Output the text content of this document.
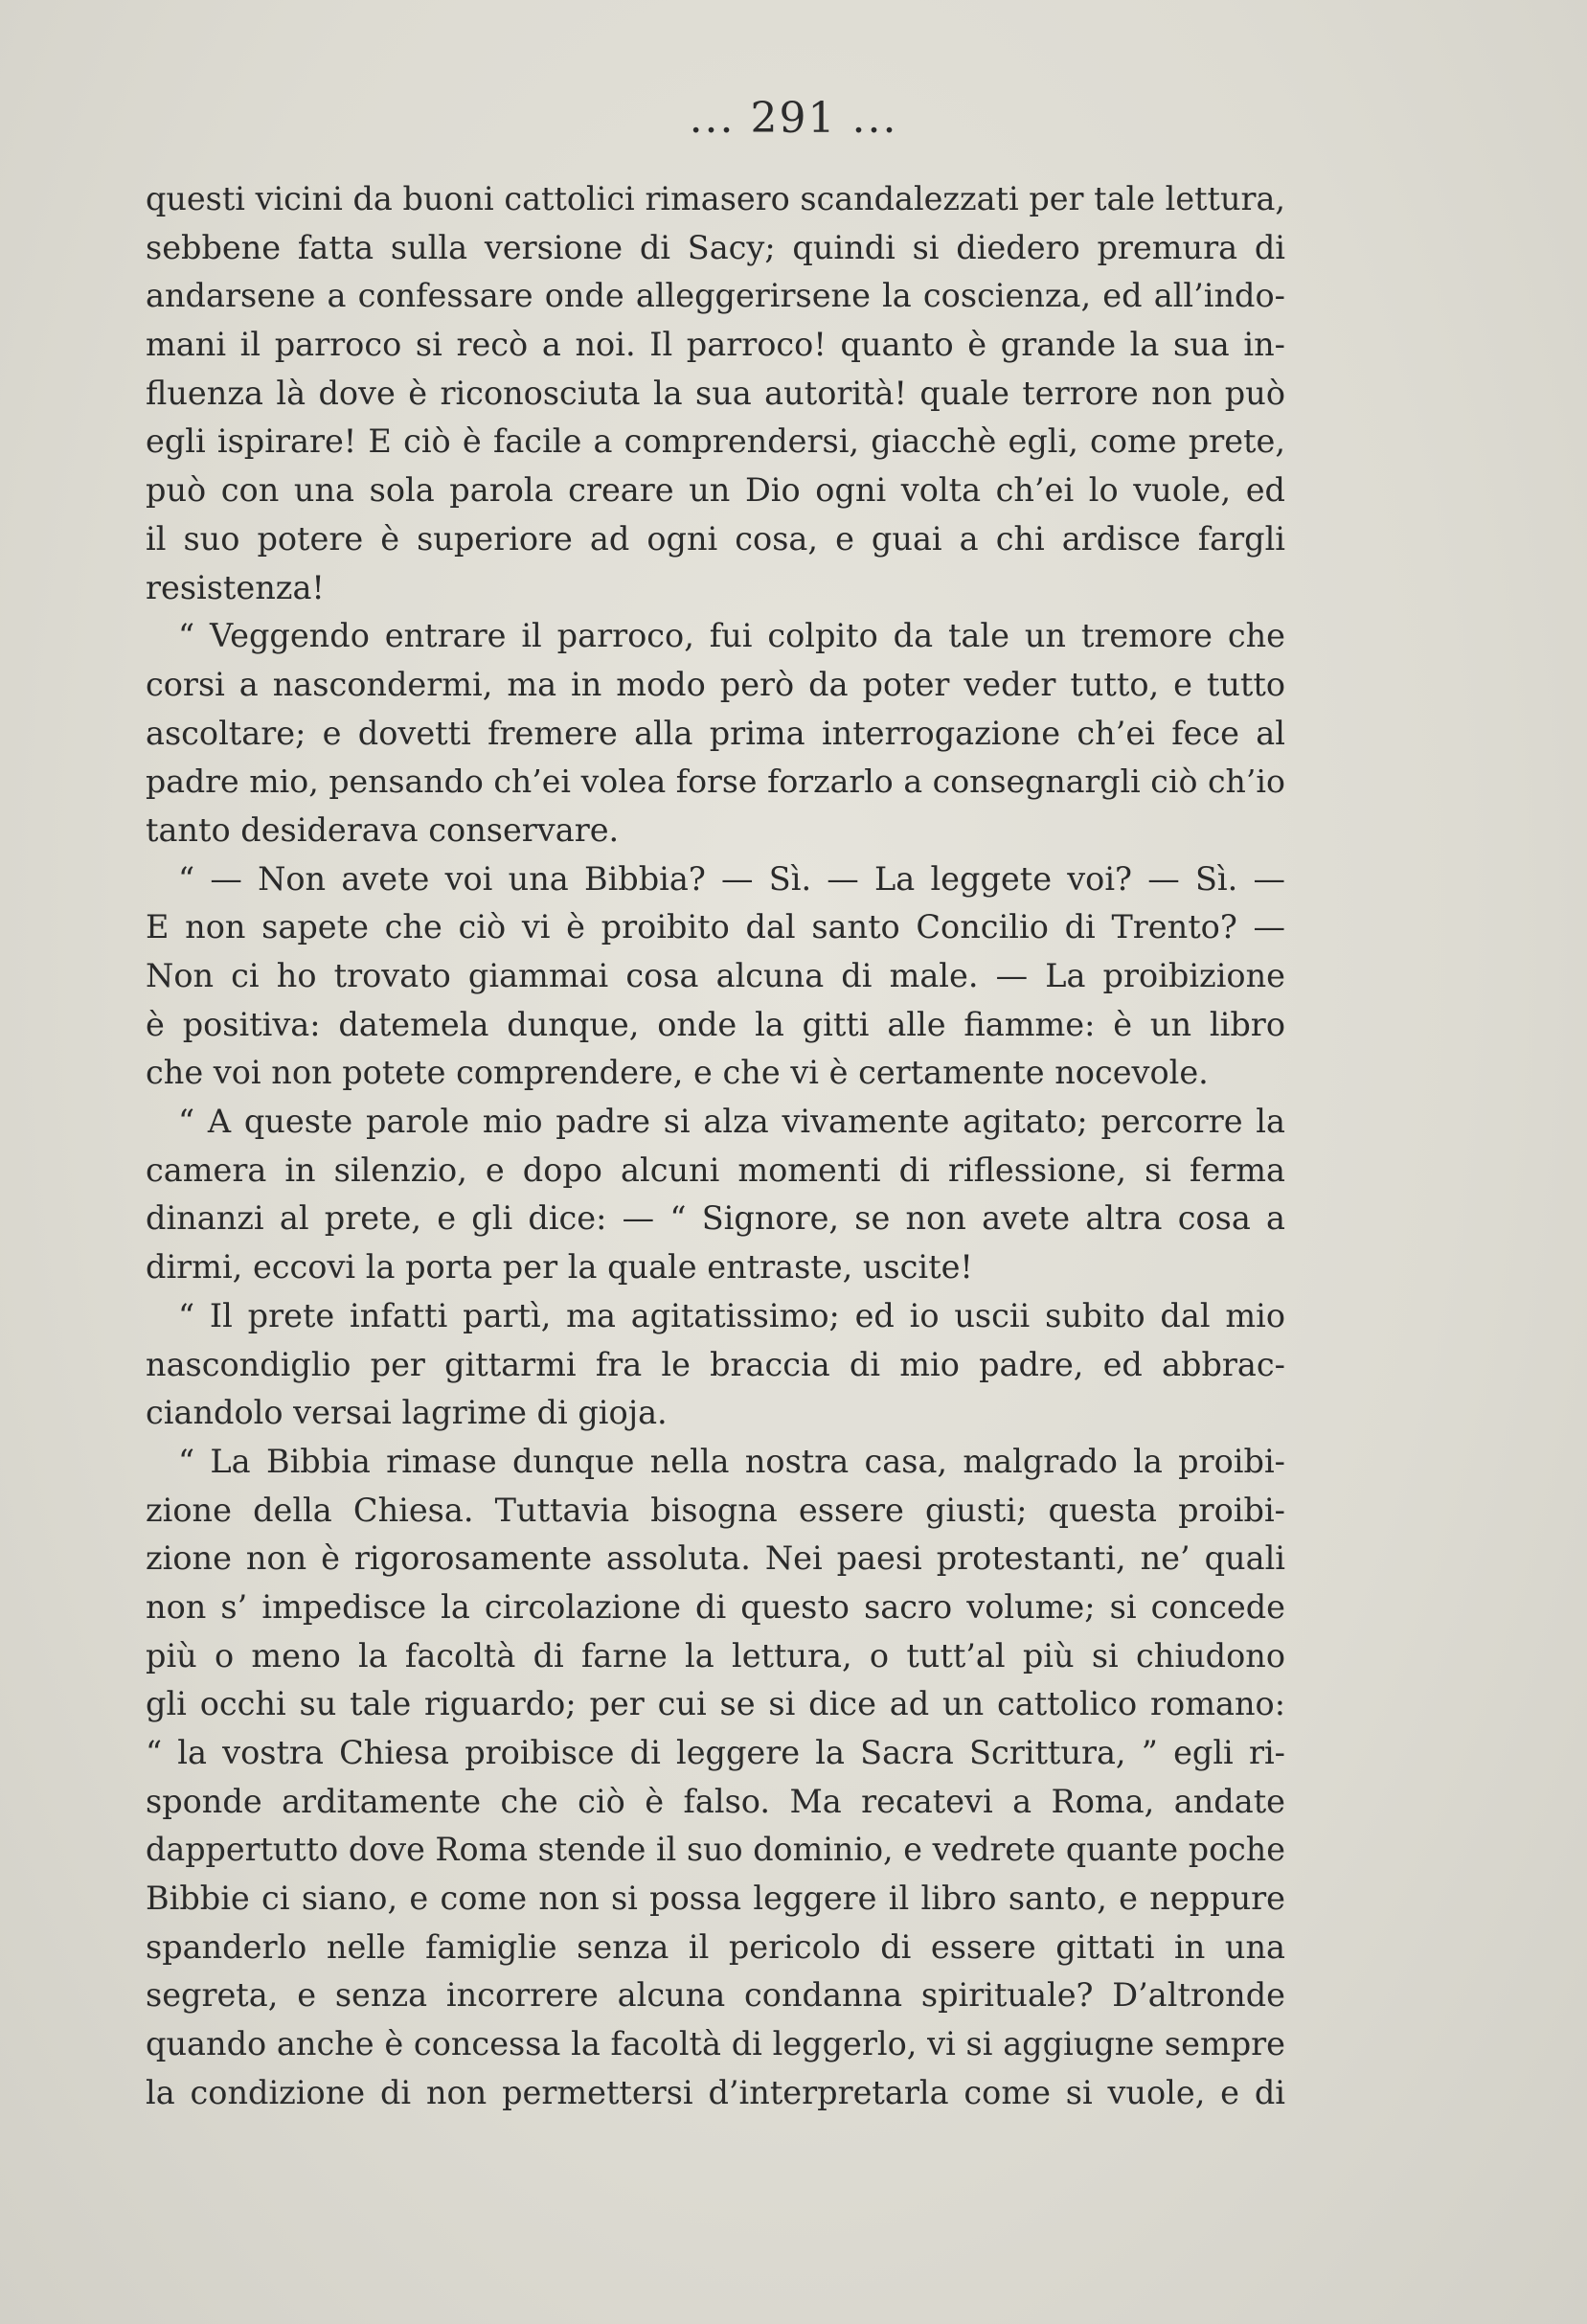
... 291 ...
questi vicini da buoni cattolici rimasero scandalezzati per tale lettura,
sebbene fatta sulla versione di Sacy; quindi si diedero premura di
andarsene a confessare onde alleggerirsene la coscienza, ed all’indo-
mani il parroco si recò a noi. Il parroco! quanto è grande la sua in-
fluenza là dove è riconosciuta la sua autorità! quale terrore non può
egli ispirare! E ciò è facile a comprendersi, giacchè egli, come prete,
può con una sola parola creare un Dio ogni volta ch’ei lo vuole, ed
il suo potere è superiore ad ogni cosa, e guai a chi ardisce fargli
resistenza!
“ Veggendo entrare il parroco, fui colpito da tale un tremore che
corsi a nascondermi, ma in modo però da poter veder tutto, e tutto
ascoltare; e dovetti fremere alla prima interrogazione ch’ei fece al
padre mio, pensando ch’ei volea forse forzarlo a consegnargli ciò ch’io
tanto desiderava conservare.
“ — Non avete voi una Bibbia? — Sì. — La leggete voi? — Sì. —
E non sapete che ciò vi è proibito dal santo Concilio di Trento? —
Non ci ho trovato giammai cosa alcuna di male. — La proibizione
è positiva: datemela dunque, onde la gitti alle fiamme: è un libro
che voi non potete comprendere, e che vi è certamente nocevole.
“ A queste parole mio padre si alza vivamente agitato; percorre la
camera in silenzio, e dopo alcuni momenti di riflessione, si ferma
dinanzi al prete, e gli dice: — “ Signore, se non avete altra cosa a
dirmi, eccovi la porta per la quale entraste, uscite!
“ Il prete infatti partì, ma agitatissimo; ed io uscii subito dal mio
nascondiglio per gittarmi fra le braccia di mio padre, ed abbrac-
ciandolo versai lagrime di gioja.
“ La Bibbia rimase dunque nella nostra casa, malgrado la proibi-
zione della Chiesa. Tuttavia bisogna essere giusti; questa proibi-
zione non è rigorosamente assoluta. Nei paesi protestanti, ne’ quali
non s’ impedisce la circolazione di questo sacro volume; si concede
più o meno la facoltà di farne la lettura, o tutt’al più si chiudono
gli occhi su tale riguardo; per cui se si dice ad un cattolico romano:
“ la vostra Chiesa proibisce di leggere la Sacra Scrittura, ” egli ri-
sponde arditamente che ciò è falso. Ma recatevi a Roma, andate
dappertutto dove Roma stende il suo dominio, e vedrete quante poche
Bibbie ci siano, e come non si possa leggere il libro santo, e neppure
spanderlo nelle famiglie senza il pericolo di essere gittati in una
segreta, e senza incorrere alcuna condanna spirituale? D’altronde
quando anche è concessa la facoltà di leggerlo, vi si aggiugne sempre
la condizione di non permettersi d’interpretarla come si vuole, e di
